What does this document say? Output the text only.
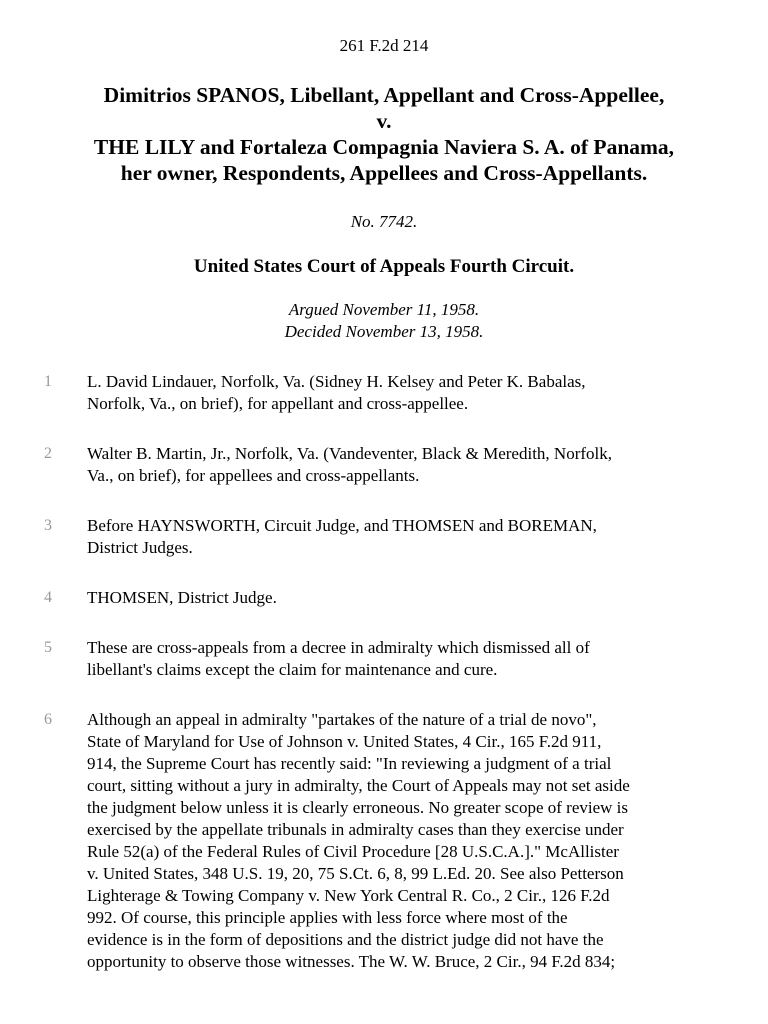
261 F.2d 214
Dimitrios SPANOS, Libellant, Appellant and Cross-Appellee,
v.
THE LILY and Fortaleza Compagnia Naviera S. A. of Panama,
her owner, Respondents, Appellees and Cross-Appellants.
No. 7742.
United States Court of Appeals Fourth Circuit.
Argued November 11, 1958.
Decided November 13, 1958.
1	L. David Lindauer, Norfolk, Va. (Sidney H. Kelsey and Peter K. Babalas,
Norfolk, Va., on brief), for appellant and cross-appellee.
2	Walter B. Martin, Jr., Norfolk, Va. (Vandeventer, Black & Meredith, Norfolk,
Va., on brief), for appellees and cross-appellants.
3	Before HAYNSWORTH, Circuit Judge, and THOMSEN and BOREMAN,
District Judges.
4	THOMSEN, District Judge.
5	These are cross-appeals from a decree in admiralty which dismissed all of
libellant's claims except the claim for maintenance and cure.
6	Although an appeal in admiralty "partakes of the nature of a trial de novo",
State of Maryland for Use of Johnson v. United States, 4 Cir., 165 F.2d 911,
914, the Supreme Court has recently said: "In reviewing a judgment of a trial
court, sitting without a jury in admiralty, the Court of Appeals may not set aside
the judgment below unless it is clearly erroneous. No greater scope of review is
exercised by the appellate tribunals in admiralty cases than they exercise under
Rule 52(a) of the Federal Rules of Civil Procedure [28 U.S.C.A.]." McAllister
v. United States, 348 U.S. 19, 20, 75 S.Ct. 6, 8, 99 L.Ed. 20. See also Petterson
Lighterage & Towing Company v. New York Central R. Co., 2 Cir., 126 F.2d
992. Of course, this principle applies with less force where most of the
evidence is in the form of depositions and the district judge did not have the
opportunity to observe those witnesses. The W. W. Bruce, 2 Cir., 94 F.2d 834;
